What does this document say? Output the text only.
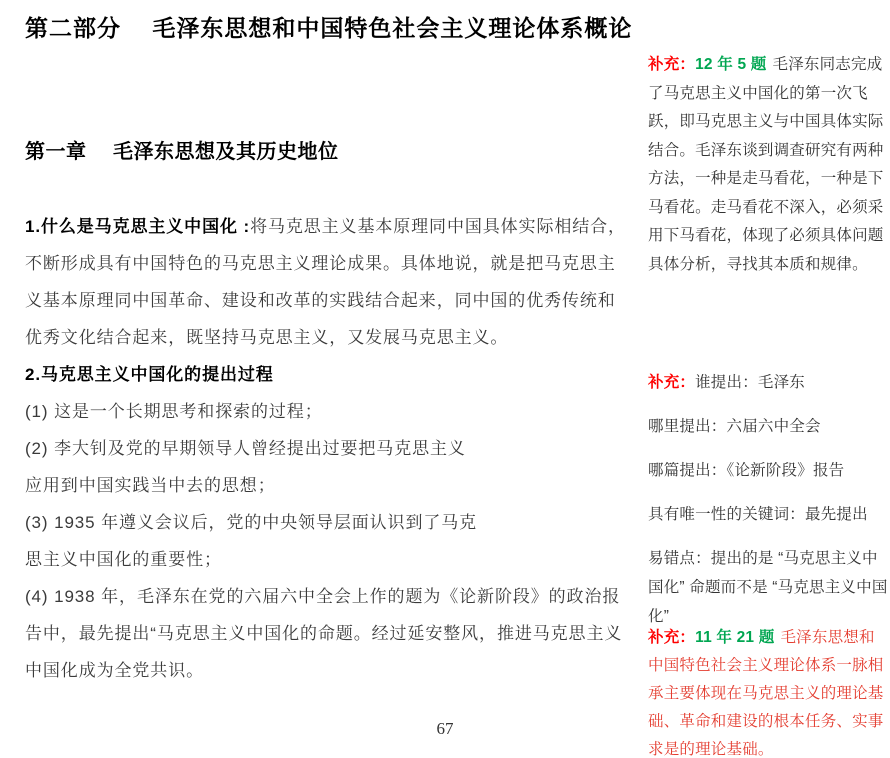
第二部分　 毛泽东思想和中国特色社会主义理论体系概论
第一章　 毛泽东思想及其历史地位
1.什么是马克思主义中国化 :将马克思主义基本原理同中国具体实际相结合，
不断形成具有中国特色的马克思主义理论成果。具体地说，就是把马克思主
义基本原理同中国革命、建设和改革的实践结合起来，同中国的优秀传统和
优秀文化结合起来，既坚持马克思主义，又发展马克思主义。
2.马克思主义中国化的提出过程
(1) 这是一个长期思考和探索的过程；
(2) 李大钊及党的早期领导人曾经提出过要把马克思主义
应用到中国实践当中去的思想；
(3) 1935 年遵义会议后，党的中央领导层面认识到了马克
思主义中国化的重要性；
(4) 1938 年，毛泽东在党的六届六中全会上作的题为《论新阶段》的政治报
告中，最先提出“马克思主义中国化的命题。经过延安整风，推进马克思主义
中国化成为全党共识。
补充：12 年 5 题 毛泽东同志完成了马克思主义中国化的第一次飞跃，即马克思主义与中国具体实际结合。毛泽东谈到调查研究有两种方法，一种是走马看花，一种是下马看花。走马看花不深入，必须采用下马看花，体现了必须具体问题具体分析，寻找其本质和规律。
补充：谁提出：毛泽东
哪里提出：六届六中全会
哪篇提出：《论新阶段》报告
具有唯一性的关键词：最先提出
易错点：提出的是 “马克思主义中国化” 命题而不是 “马克思主义中国化”
补充：11 年 21 题 毛泽东思想和中国特色社会主义理论体系一脉相承主要体现在马克思主义的理论基础、革命和建设的根本任务、实事求是的理论基础。
67
